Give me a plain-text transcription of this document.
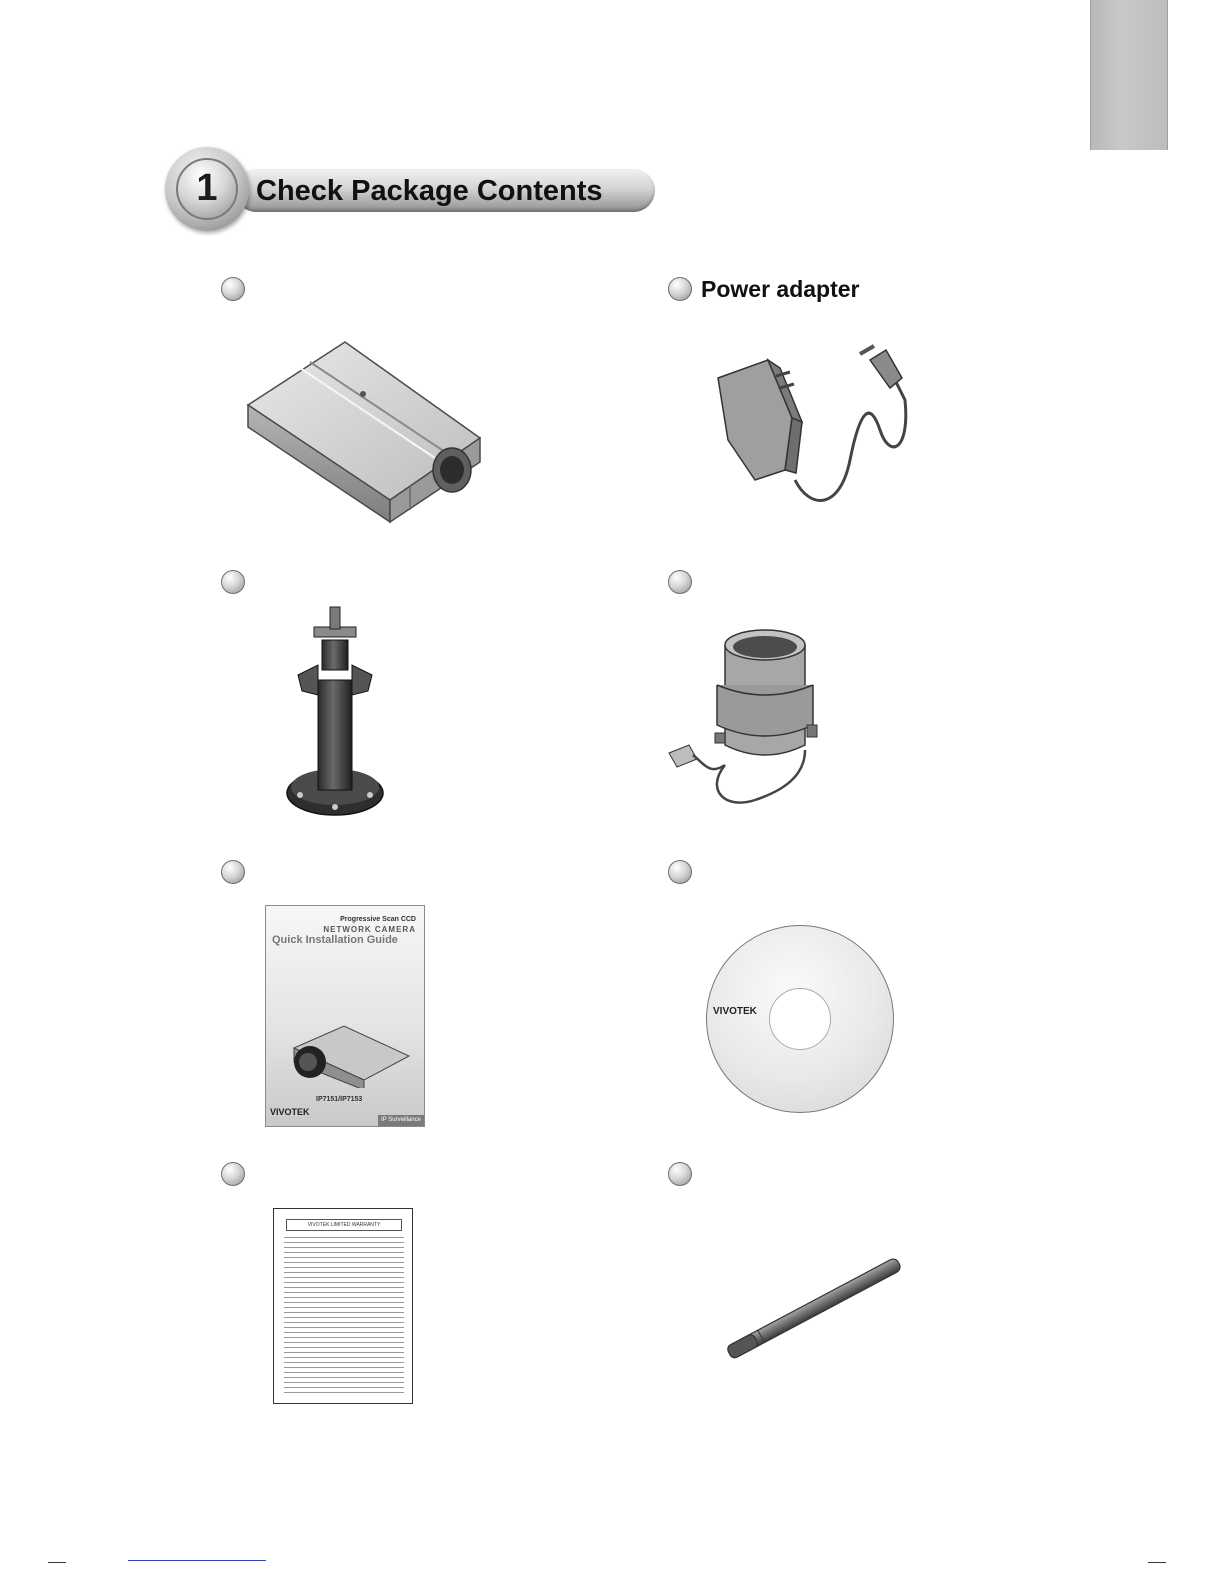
1	Check Package Contents
Power adapter
Progressive Scan CCD
NETWORK CAMERA
Quick Installation Guide
IP7151/IP7153
VIVOTEK
IP Surveillance
VIVOTEK
VIVOTEK LIMITED WARRANTY
